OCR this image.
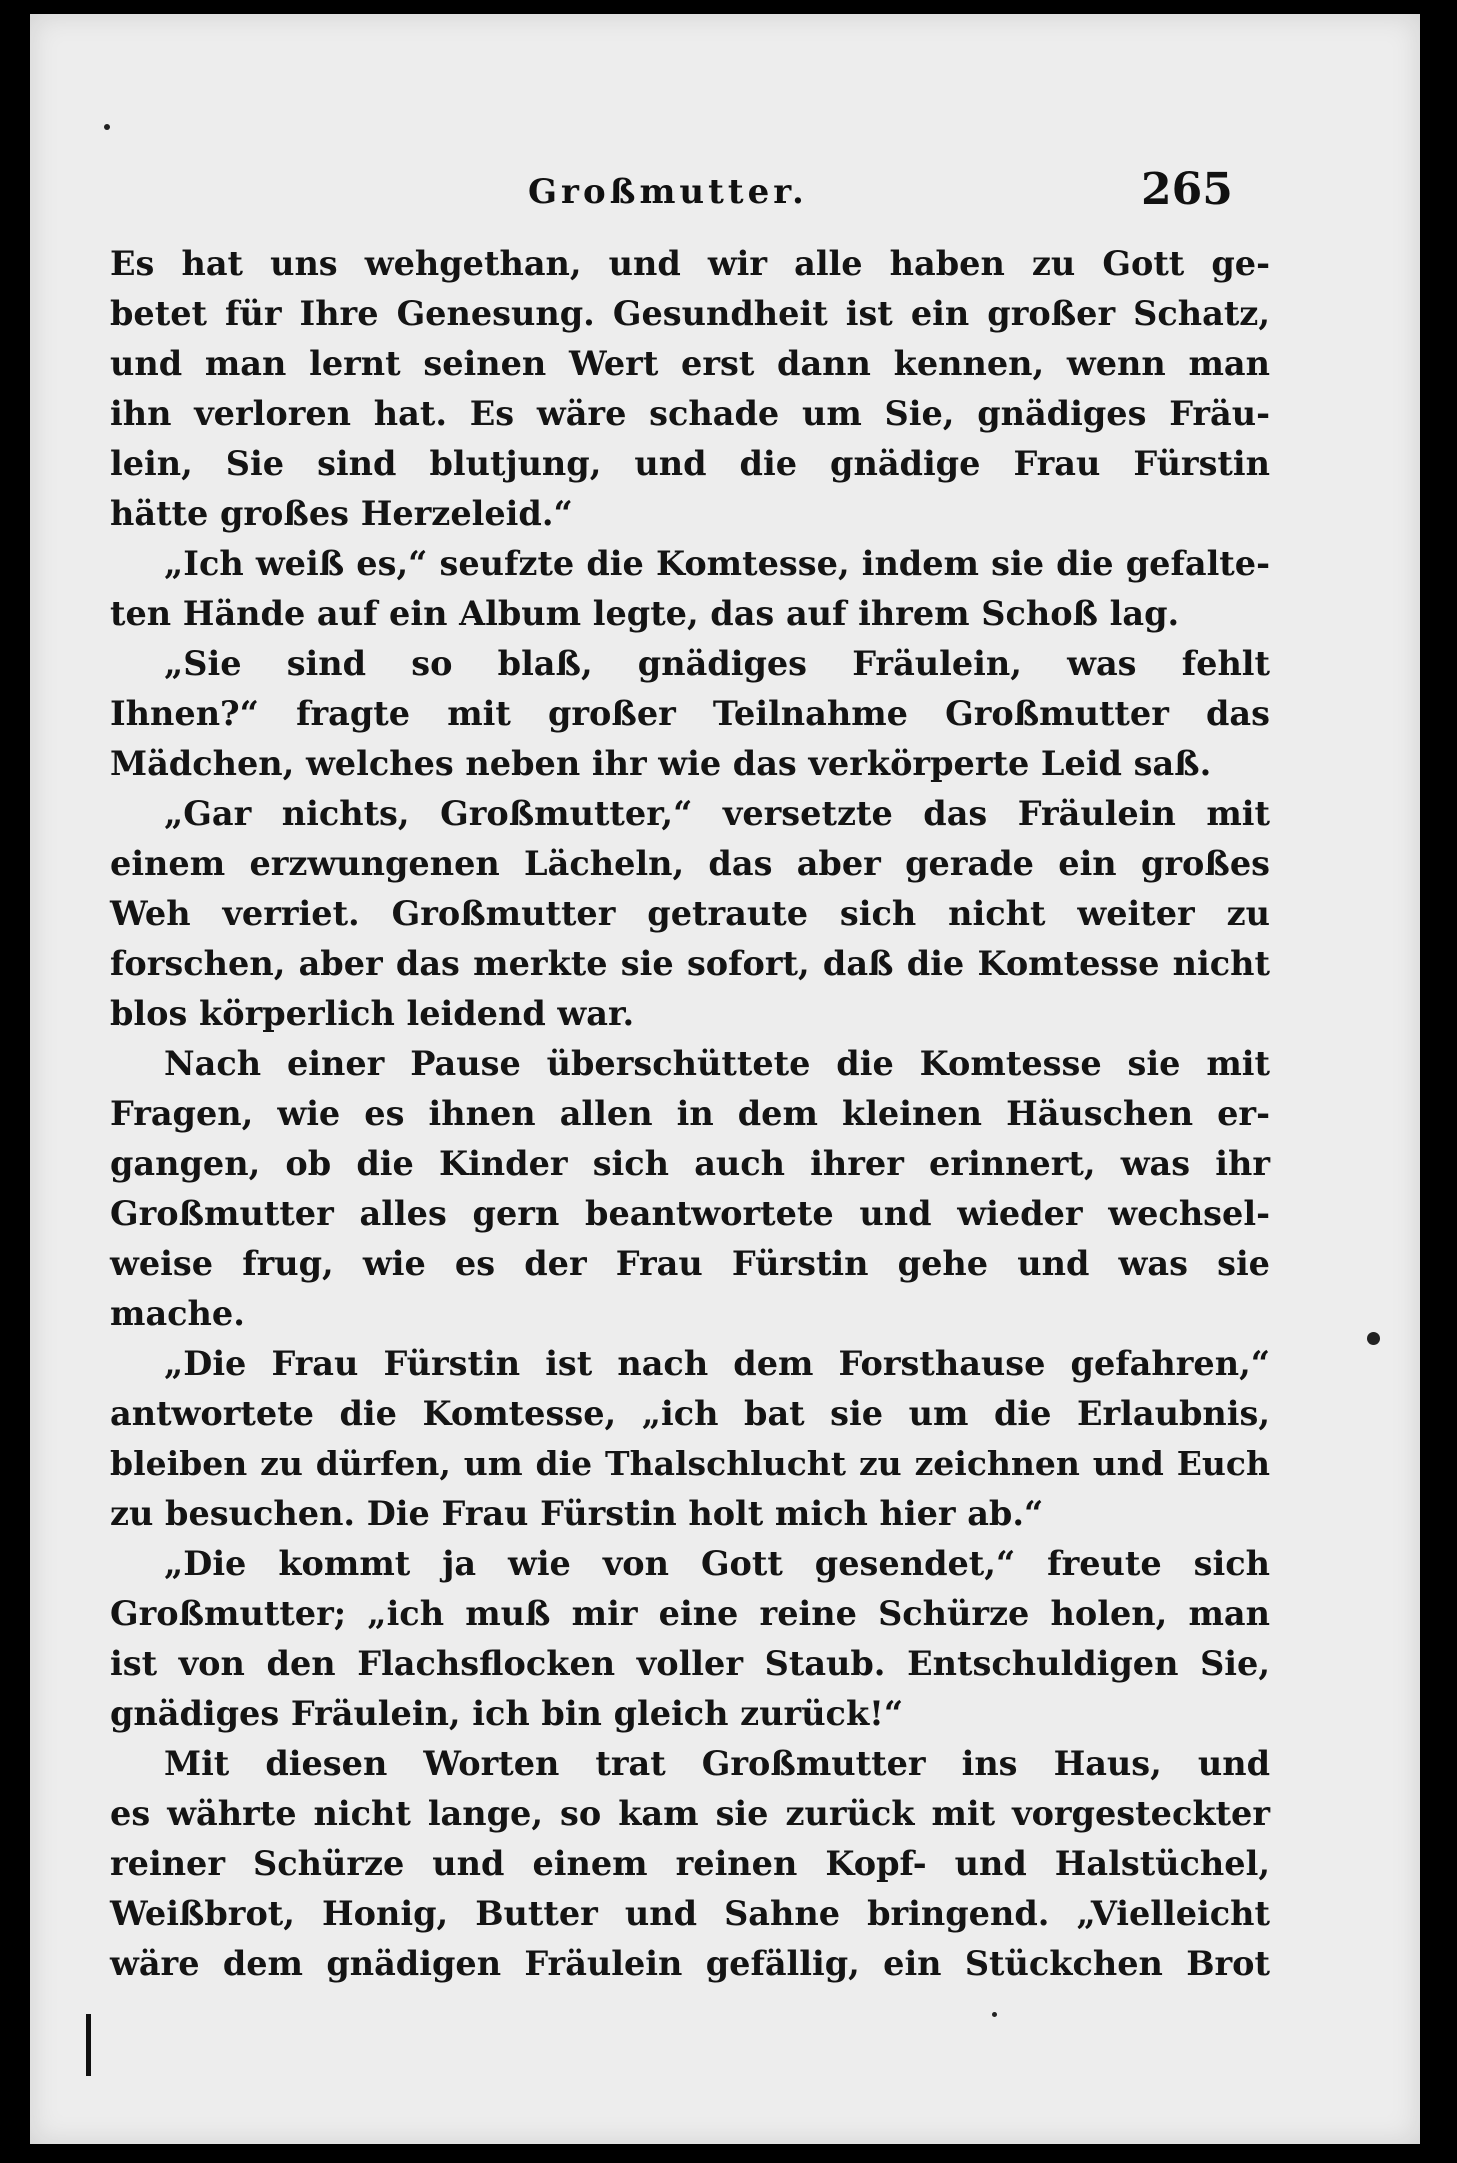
Großmutter.	265
Es hat uns wehgethan, und wir alle haben zu Gott ge-
betet für Ihre Genesung. Gesundheit ist ein großer Schatz,
und man lernt seinen Wert erst dann kennen, wenn man
ihn verloren hat. Es wäre schade um Sie, gnädiges Fräu-
lein, Sie sind blutjung, und die gnädige Frau Fürstin
hätte großes Herzeleid.“
„Ich weiß es,“ seufzte die Komtesse, indem sie die gefalte-
ten Hände auf ein Album legte, das auf ihrem Schoß lag.
„Sie sind so blaß, gnädiges Fräulein, was fehlt
Ihnen?“ fragte mit großer Teilnahme Großmutter das
Mädchen, welches neben ihr wie das verkörperte Leid saß.
„Gar nichts, Großmutter,“ versetzte das Fräulein mit
einem erzwungenen Lächeln, das aber gerade ein großes
Weh verriet. Großmutter getraute sich nicht weiter zu
forschen, aber das merkte sie sofort, daß die Komtesse nicht
blos körperlich leidend war.
Nach einer Pause überschüttete die Komtesse sie mit
Fragen, wie es ihnen allen in dem kleinen Häuschen er-
gangen, ob die Kinder sich auch ihrer erinnert, was ihr
Großmutter alles gern beantwortete und wieder wechsel-
weise frug, wie es der Frau Fürstin gehe und was sie
mache.
„Die Frau Fürstin ist nach dem Forsthause gefahren,“
antwortete die Komtesse, „ich bat sie um die Erlaubnis,
bleiben zu dürfen, um die Thalschlucht zu zeichnen und Euch
zu besuchen. Die Frau Fürstin holt mich hier ab.“
„Die kommt ja wie von Gott gesendet,“ freute sich
Großmutter; „ich muß mir eine reine Schürze holen, man
ist von den Flachsflocken voller Staub. Entschuldigen Sie,
gnädiges Fräulein, ich bin gleich zurück!“
Mit diesen Worten trat Großmutter ins Haus, und
es währte nicht lange, so kam sie zurück mit vorgesteckter
reiner Schürze und einem reinen Kopf- und Halstüchel,
Weißbrot, Honig, Butter und Sahne bringend. „Vielleicht
wäre dem gnädigen Fräulein gefällig, ein Stückchen Brot
